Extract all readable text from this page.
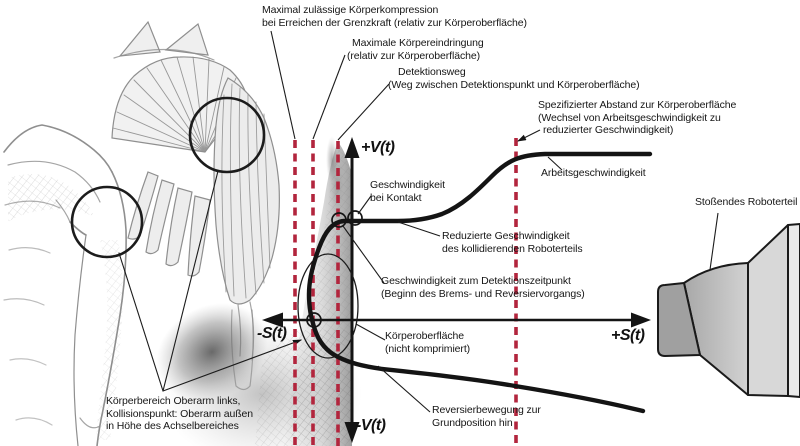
Maximal zulässige Körperkompression
bei Erreichen der Grenzkraft (relativ zur Körperoberfläche)
Maximale Körpereindringung
(relativ zur Körperoberfläche)
Detektionsweg
(Weg zwischen Detektionspunkt und Körperoberfläche)
Spezifizierter Abstand zur Körperoberfläche
(Wechsel von Arbeitsgeschwindigkeit zu
reduzierter Geschwindigkeit)
Arbeitsgeschwindigkeit
Geschwindigkeit
bei Kontakt
Reduzierte Geschwindigkeit
des kollidierenden Roboterteils
Geschwindigkeit zum Detektionszeitpunkt
(Beginn des Brems- und Reversiervorgangs)
Körperoberfläche
(nicht komprimiert)
Reversierbewegung zur
Grundposition hin
Körperbereich Oberarm links,
Kollisionspunkt: Oberarm außen
in Höhe des Achselbereiches
Stoßendes Roboterteil
+V(t)
-V(t)
+S(t)
-S(t)
